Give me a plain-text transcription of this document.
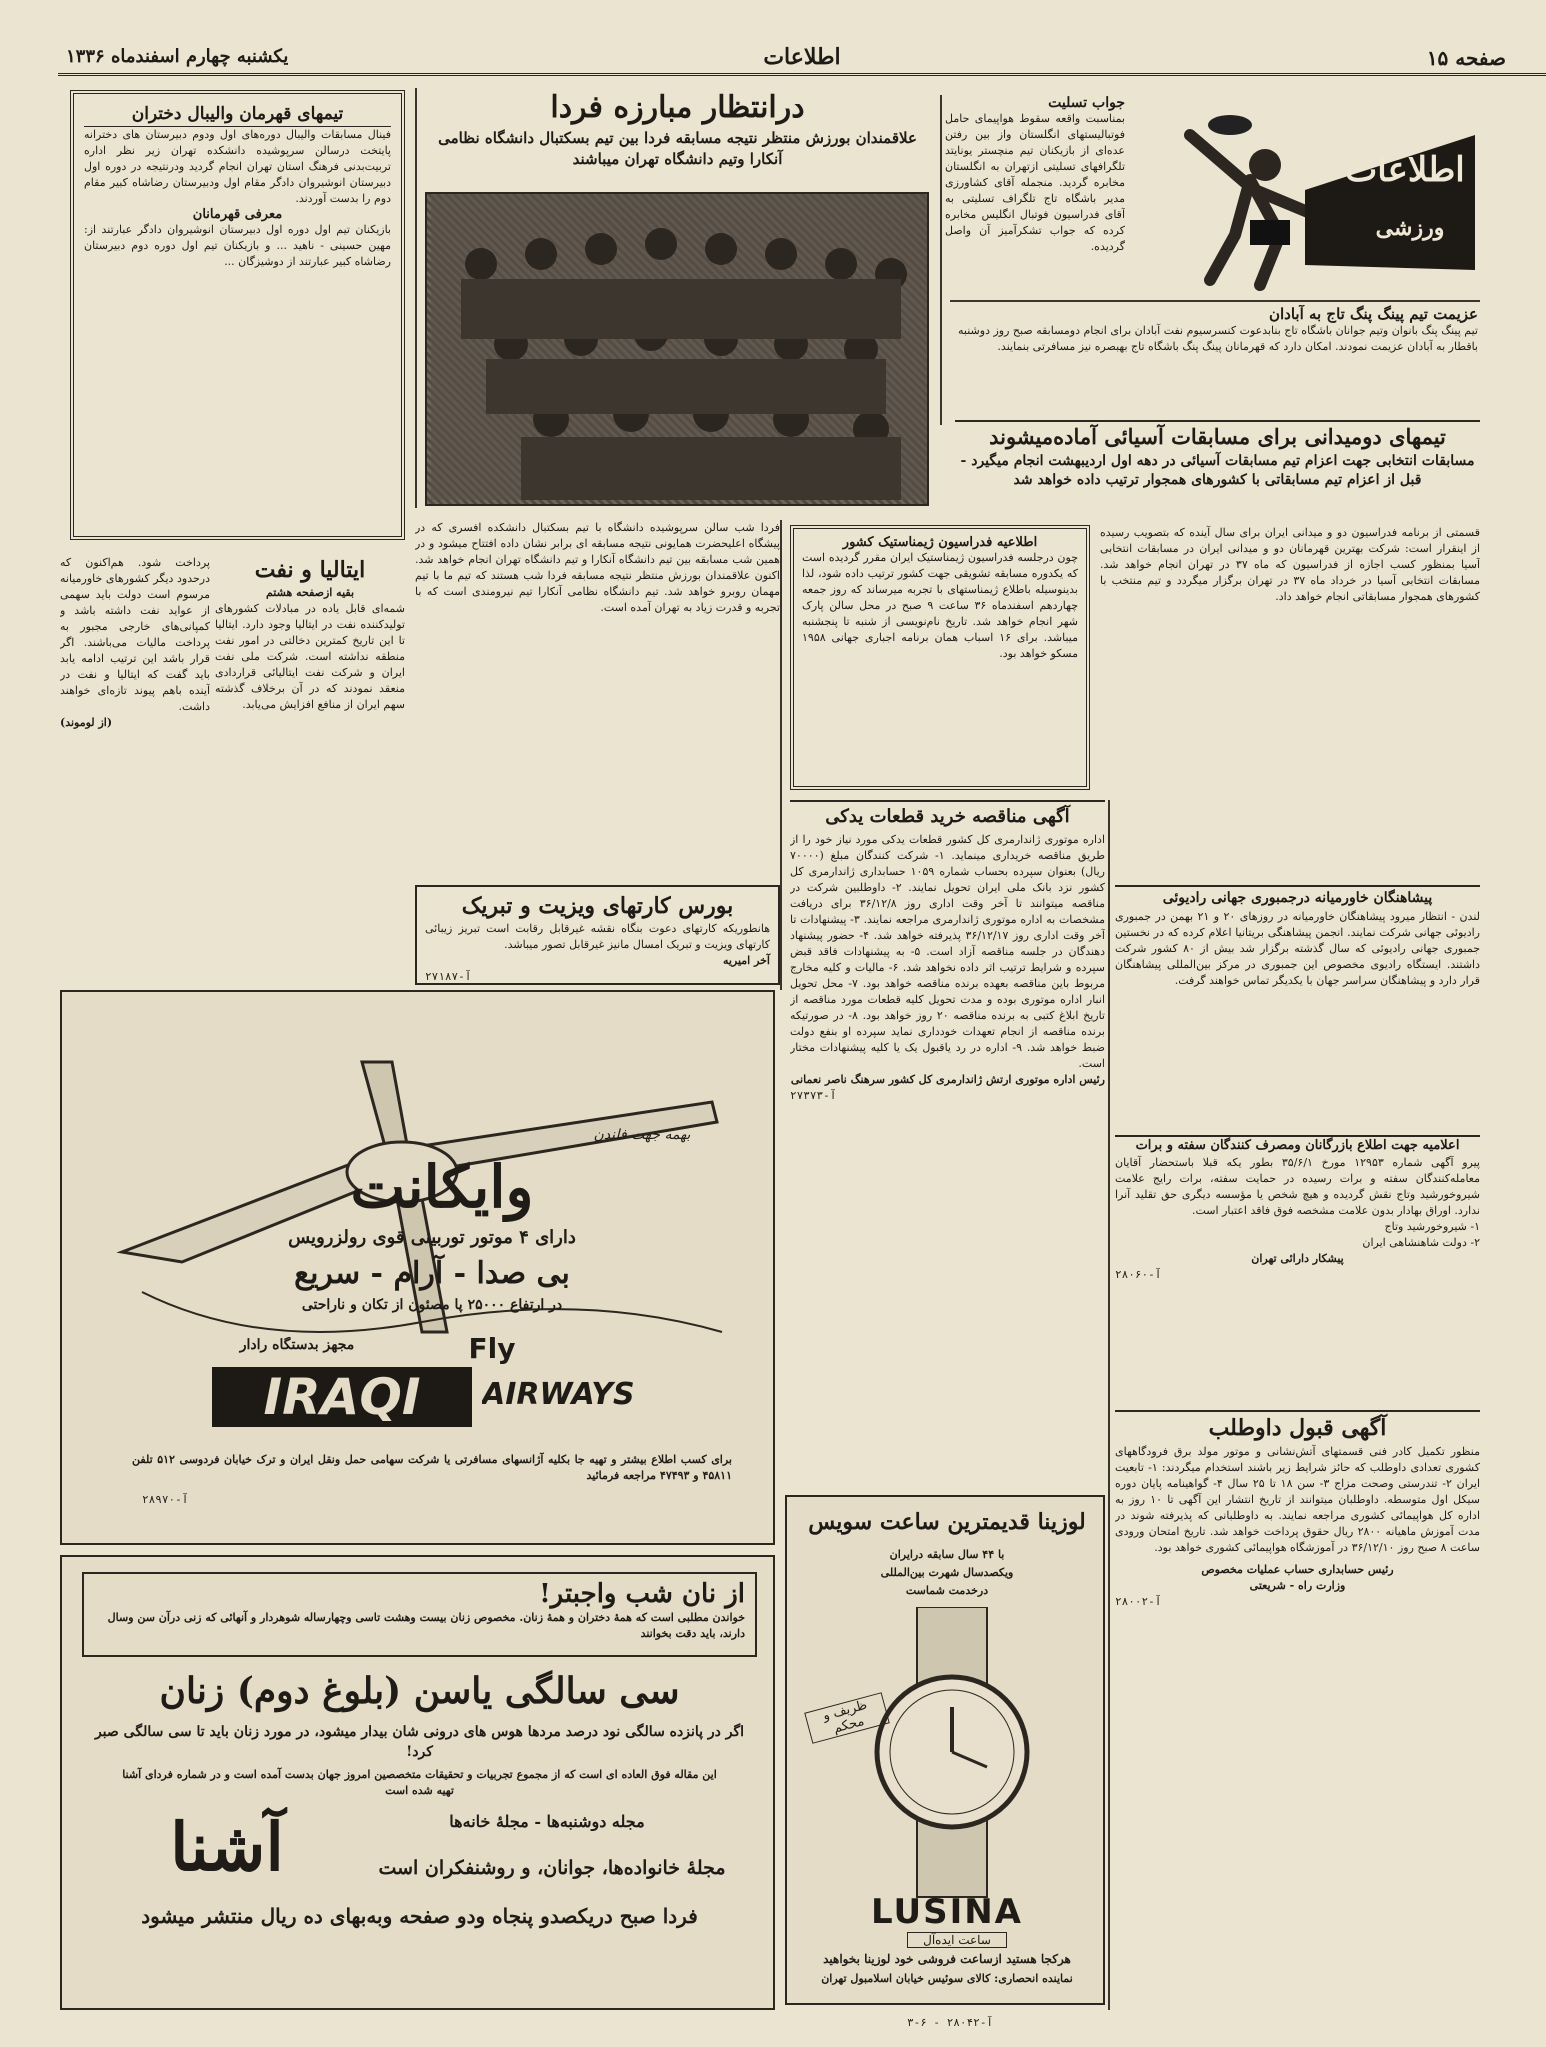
صفحه ۱۵
اطلاعات
یکشنبه چهارم اسفندماه ۱۳۳۶
اطلاعات
ورزشی
عزیمت تیم پینگ پنگ تاج به آبادان
تیم پینگ پنگ بانوان وتیم جوانان باشگاه تاج بنابدعوت کنسرسیوم نفت آبادان برای انجام دومسابقه صبح روز دوشنبه باقطار به آبادان عزیمت نمودند. امکان دارد که قهرمانان پینگ پنگ باشگاه تاج بهبصره نیز مسافرتی بنمایند.
جواب تسلیت
بمناسبت واقعه سقوط هواپیمای حامل فوتبالیستهای انگلستان واز بین رفتن عده‌ای از بازیکنان تیم منچستر یونایتد تلگرافهای تسلیتی ازتهران به انگلستان مخابره گردید. منجمله آقای کشاورزی مدیر باشگاه تاج تلگراف تسلیتی به آقای فدراسیون فوتبال انگلیس مخابره کرده که جواب تشکرآمیز آن واصل گردیده.
درانتظار مبارزه فردا
علاقمندان بورزش منتظر نتیجه مسابقه فردا بین تیم بسکتبال دانشگاه نظامی آنکارا وتیم دانشگاه تهران میباشند
تیمهای قهرمان والیبال دختران
فینال مسابقات والیبال دوره‌های اول ودوم دبیرستان های دخترانه پایتخت درسالن سرپوشیده دانشکده تهران زیر نظر اداره تربیت‌بدنی فرهنگ استان تهران انجام گردید ودرنتیجه در دوره اول دبیرستان انوشیروان دادگر مقام اول ودبیرستان رضاشاه کبیر مقام دوم را بدست آوردند.
معرفی قهرمانان
بازیکنان تیم اول دوره اول دبیرستان انوشیروان دادگر عبارتند از: مهین حسینی - ناهید ... و بازیکنان تیم اول دوره دوم دبیرستان رضاشاه کبیر عبارتند از دوشیزگان ...
تیمهای دومیدانی برای مسابقات آسیائی آماده‌میشوند
مسابقات انتخابی جهت اعزام تیم مسابقات آسیائی در دهه اول اردیبهشت انجام میگیرد - قبل از اعزام تیم مسابقاتی با کشورهای همجوار ترتیب داده خواهد شد
قسمتی از برنامه فدراسیون دو و میدانی ایران برای سال آینده که بتصویب رسیده از اینقرار است: شرکت بهترین قهرمانان دو و میدانی ایران در مسابقات انتخابی آسیا بمنظور کسب اجازه از فدراسیون که ماه ۳۷ در تهران انجام خواهد شد. مسابقات انتخابی آسیا در خرداد ماه ۳۷ در تهران برگزار میگردد و تیم منتخب با کشورهای همجوار مسابقاتی انجام خواهد داد.
اطلاعیه فدراسیون ژیمناستیک کشور
چون درجلسه فدراسیون ژیمناستیک ایران مقرر گردیده است که یکدوره مسابقه تشویقی جهت کشور ترتیب داده شود، لذا بدینوسیله باطلاع ژیمناستهای با تجربه میرساند که روز جمعه چهاردهم اسفندماه ۳۶ ساعت ۹ صبح در محل سالن پارک شهر انجام خواهد شد. تاریخ نام‌نویسی از شنبه تا پنجشنبه میباشد. برای ۱۶ اسباب همان برنامه اجباری جهانی ۱۹۵۸ مسکو خواهد بود.
فردا شب سالن سرپوشیده دانشگاه با تیم بسکتبال دانشکده افسری که در پیشگاه اعلیحضرت همایونی نتیجه مسابقه ای برابر نشان داده افتتاح میشود و در همین شب مسابقه بین تیم دانشگاه آنکارا و تیم دانشگاه تهران انجام خواهد شد. اکنون علاقمندان بورزش منتظر نتیجه مسابقه فردا شب هستند که تیم ما با تیم مهمان روبرو خواهد شد. تیم دانشگاه نظامی آنکارا تیم نیرومندی است که با تجربه و قدرت زیاد به تهران آمده است.
ایتالیا و نفت
بقیه ازصفحه هشتم
شمه‌ای قابل یاده در مبادلات کشورهای تولیدکننده نفت در ایتالیا وجود دارد. ایتالیا تا این تاریخ کمترین دخالتی در امور نفت منطقه نداشته است. شرکت ملی نفت ایران و شرکت نفت ایتالیائی قراردادی منعقد نمودند که در آن برخلاف گذشته سهم ایران از منافع افزایش می‌یابد.
پرداخت شود. هم‌اکنون که درحدود دیگر کشورهای خاورمیانه مرسوم است دولت باید سهمی از عواید نفت داشته باشد و کمپانی‌های خارجی مجبور به پرداخت مالیات می‌باشند. اگر قرار باشد این ترتیب ادامه یابد باید گفت که ایتالیا و نفت در آینده باهم پیوند تازه‌ای خواهند داشت.
(از لوموند)
بورس کارتهای ویزیت و تبریک
هانطوریکه کارتهای دعوت بنگاه نقشه غیرقابل رقابت است تبریز زیبائی کارتهای ویزیت و تبریک امسال مانیز غیرقابل تصور میباشد.
آخر امیریه
آ-۲۷۱۸۷
آگهی مناقصه خرید قطعات یدکی
اداره موتوری ژاندارمری کل کشور قطعات یدکی مورد نیاز خود را از طریق مناقصه خریداری مینماید. ۱- شرکت کنندگان مبلغ (۷۰۰۰۰ ریال) بعنوان سپرده بحساب شماره ۱۰۵۹ حسابداری ژاندارمری کل کشور نزد بانک ملی ایران تحویل نمایند. ۲- داوطلبین شرکت در مناقصه میتوانند تا آخر وقت اداری روز ۳۶/۱۲/۸ برای دریافت مشخصات به اداره موتوری ژاندارمری مراجعه نمایند. ۳- پیشنهادات تا آخر وقت اداری روز ۳۶/۱۲/۱۷ پذیرفته خواهد شد. ۴- حضور پیشنهاد دهندگان در جلسه مناقصه آزاد است. ۵- به پیشنهادات فاقد قبض سپرده و شرایط ترتیب اثر داده نخواهد شد. ۶- مالیات و کلیه مخارج مربوط باین مناقصه بعهده برنده مناقصه خواهد بود. ۷- محل تحویل انبار اداره موتوری بوده و مدت تحویل کلیه قطعات مورد مناقصه از تاریخ ابلاغ کتبی به برنده مناقصه ۲۰ روز خواهد بود. ۸- در صورتیکه برنده مناقصه از انجام تعهدات خودداری نماید سپرده او بنفع دولت ضبط خواهد شد. ۹- اداره در رد یاقبول یک یا کلیه پیشنهادات مختار است.
رئیس اداره موتوری ارتش ژاندارمری کل کشور سرهنگ ناصر نعمانی
آ-۲۷۳۷۳
پیشاهنگان خاورمیانه درجمبوری جهانی رادیوئی
لندن - انتظار میرود پیشاهنگان خاورمیانه در روزهای ۲۰ و ۲۱ بهمن در جمبوری رادیوئی جهانی شرکت نمایند. انجمن پیشاهنگی بریتانیا اعلام کرده که در نخستین جمبوری جهانی رادیوئی که سال گذشته برگزار شد بیش از ۸۰ کشور شرکت داشتند. ایستگاه رادیوی مخصوص این جمبوری در مرکز بین‌المللی پیشاهنگان قرار دارد و پیشاهنگان سراسر جهان با یکدیگر تماس خواهند گرفت.
اعلامیه جهت اطلاع بازرگانان ومصرف کنندگان سفته و برات
پیرو آگهی شماره ۱۲۹۵۳ مورخ ۳۵/۶/۱ بطور یکه قبلا باستحضار آقایان معامله‌کنندگان سفته و برات رسیده در حمایت سفته، برات رایج علامت شیروخورشید وتاج نقش گردیده و هیچ شخص یا مؤسسه دیگری حق تقلید آنرا ندارد. اوراق بهادار بدون علامت مشخصه فوق فاقد اعتبار است.
۱- شیروخورشید وتاج
۲- دولت شاهنشاهی ایران
پیشکار دارائی تهران
آ-۲۸۰۶۰
آگهی قبول داوطلب
منظور تکمیل کادر فنی قسمتهای آتش‌نشانی و موتور مولد برق فرودگاههای کشوری تعدادی داوطلب که حائز شرایط زیر باشند استخدام میگردند: ۱- تابعیت ایران ۲- تندرستی وصحت مزاج ۳- سن ۱۸ تا ۲۵ سال ۴- گواهینامه پایان دوره سیکل اول متوسطه. داوطلبان میتوانند از تاریخ انتشار این آگهی تا ۱۰ روز به اداره کل هواپیمائی کشوری مراجعه نمایند. به داوطلبانی که پذیرفته شوند در مدت آموزش ماهیانه ۲۸۰۰ ریال حقوق پرداخت خواهد شد. تاریخ امتحان ورودی ساعت ۸ صبح روز ۳۶/۱۲/۱۰ در آموزشگاه هواپیمائی کشوری خواهد بود.
رئیس حسابداری حساب عملیات مخصوص
وزارت راه - شریعتی
آ-۲۸۰۰۲
بهمه جهت فلندن
وایکانت
دارای ۴ موتور توربینی قوی رولزرویس
بی صدا - آرام - سریع
در ارتفاع ۲۵۰۰۰ پا مصئون از تکان و ناراحتی
Fly
مجهز بدستگاه رادار
IRAQI	AIRWAYS
برای کسب اطلاع بیشتر و تهیه جا بکلیه آژانسهای مسافرتی یا شرکت سهامی حمل ونقل ایران و ترک خیابان فردوسی ۵۱۲ تلفن ۴۵۸۱۱ و ۴۷۴۹۳ مراجعه فرمائید
آ-۲۸۹۷۰
از نان شب واجبتر!
خواندن مطلبی است که همهٔ دختران و همهٔ زنان. مخصوص زنان بیست وهشت تاسی وچهارساله شوهردار و آنهائی که زنی درآن سن وسال دارند، باید دقت بخوانند
سی سالگی یاسن (بلوغ دوم) زنان
اگر در پانزده سالگی نود درصد مردها هوس های درونی شان بیدار میشود، در مورد زنان باید تا سی سالگی صبر کرد!
این مقاله فوق العاده ای است که از مجموع تجربیات و تحقیقات متخصصین امروز جهان بدست آمده است و در شماره فردای آشنا تهیه شده است
مجله دوشنبه‌ها - مجلهٔ خانه‌ها
آشنا	مجلهٔ خانواده‌ها، جوانان، و روشنفکران است
فردا صبح دریکصدو پنجاه ودو صفحه وبه‌بهای ده ریال منتشر میشود
آ-۲۸۰۴۲ - ۶-۳
لوزینا قدیمترین ساعت سویس
با ۴۴ سال سابقه درایران
ویکصدسال شهرت بین‌المللی
درخدمت شماست
ظریف و محکم
LUSINA
ساعت ایده‌آل
هرکجا هستید ازساعت فروشی خود لوزینا بخواهید
نماینده انحصاری: کالای سوئیس خیابان اسلامبول تهران
